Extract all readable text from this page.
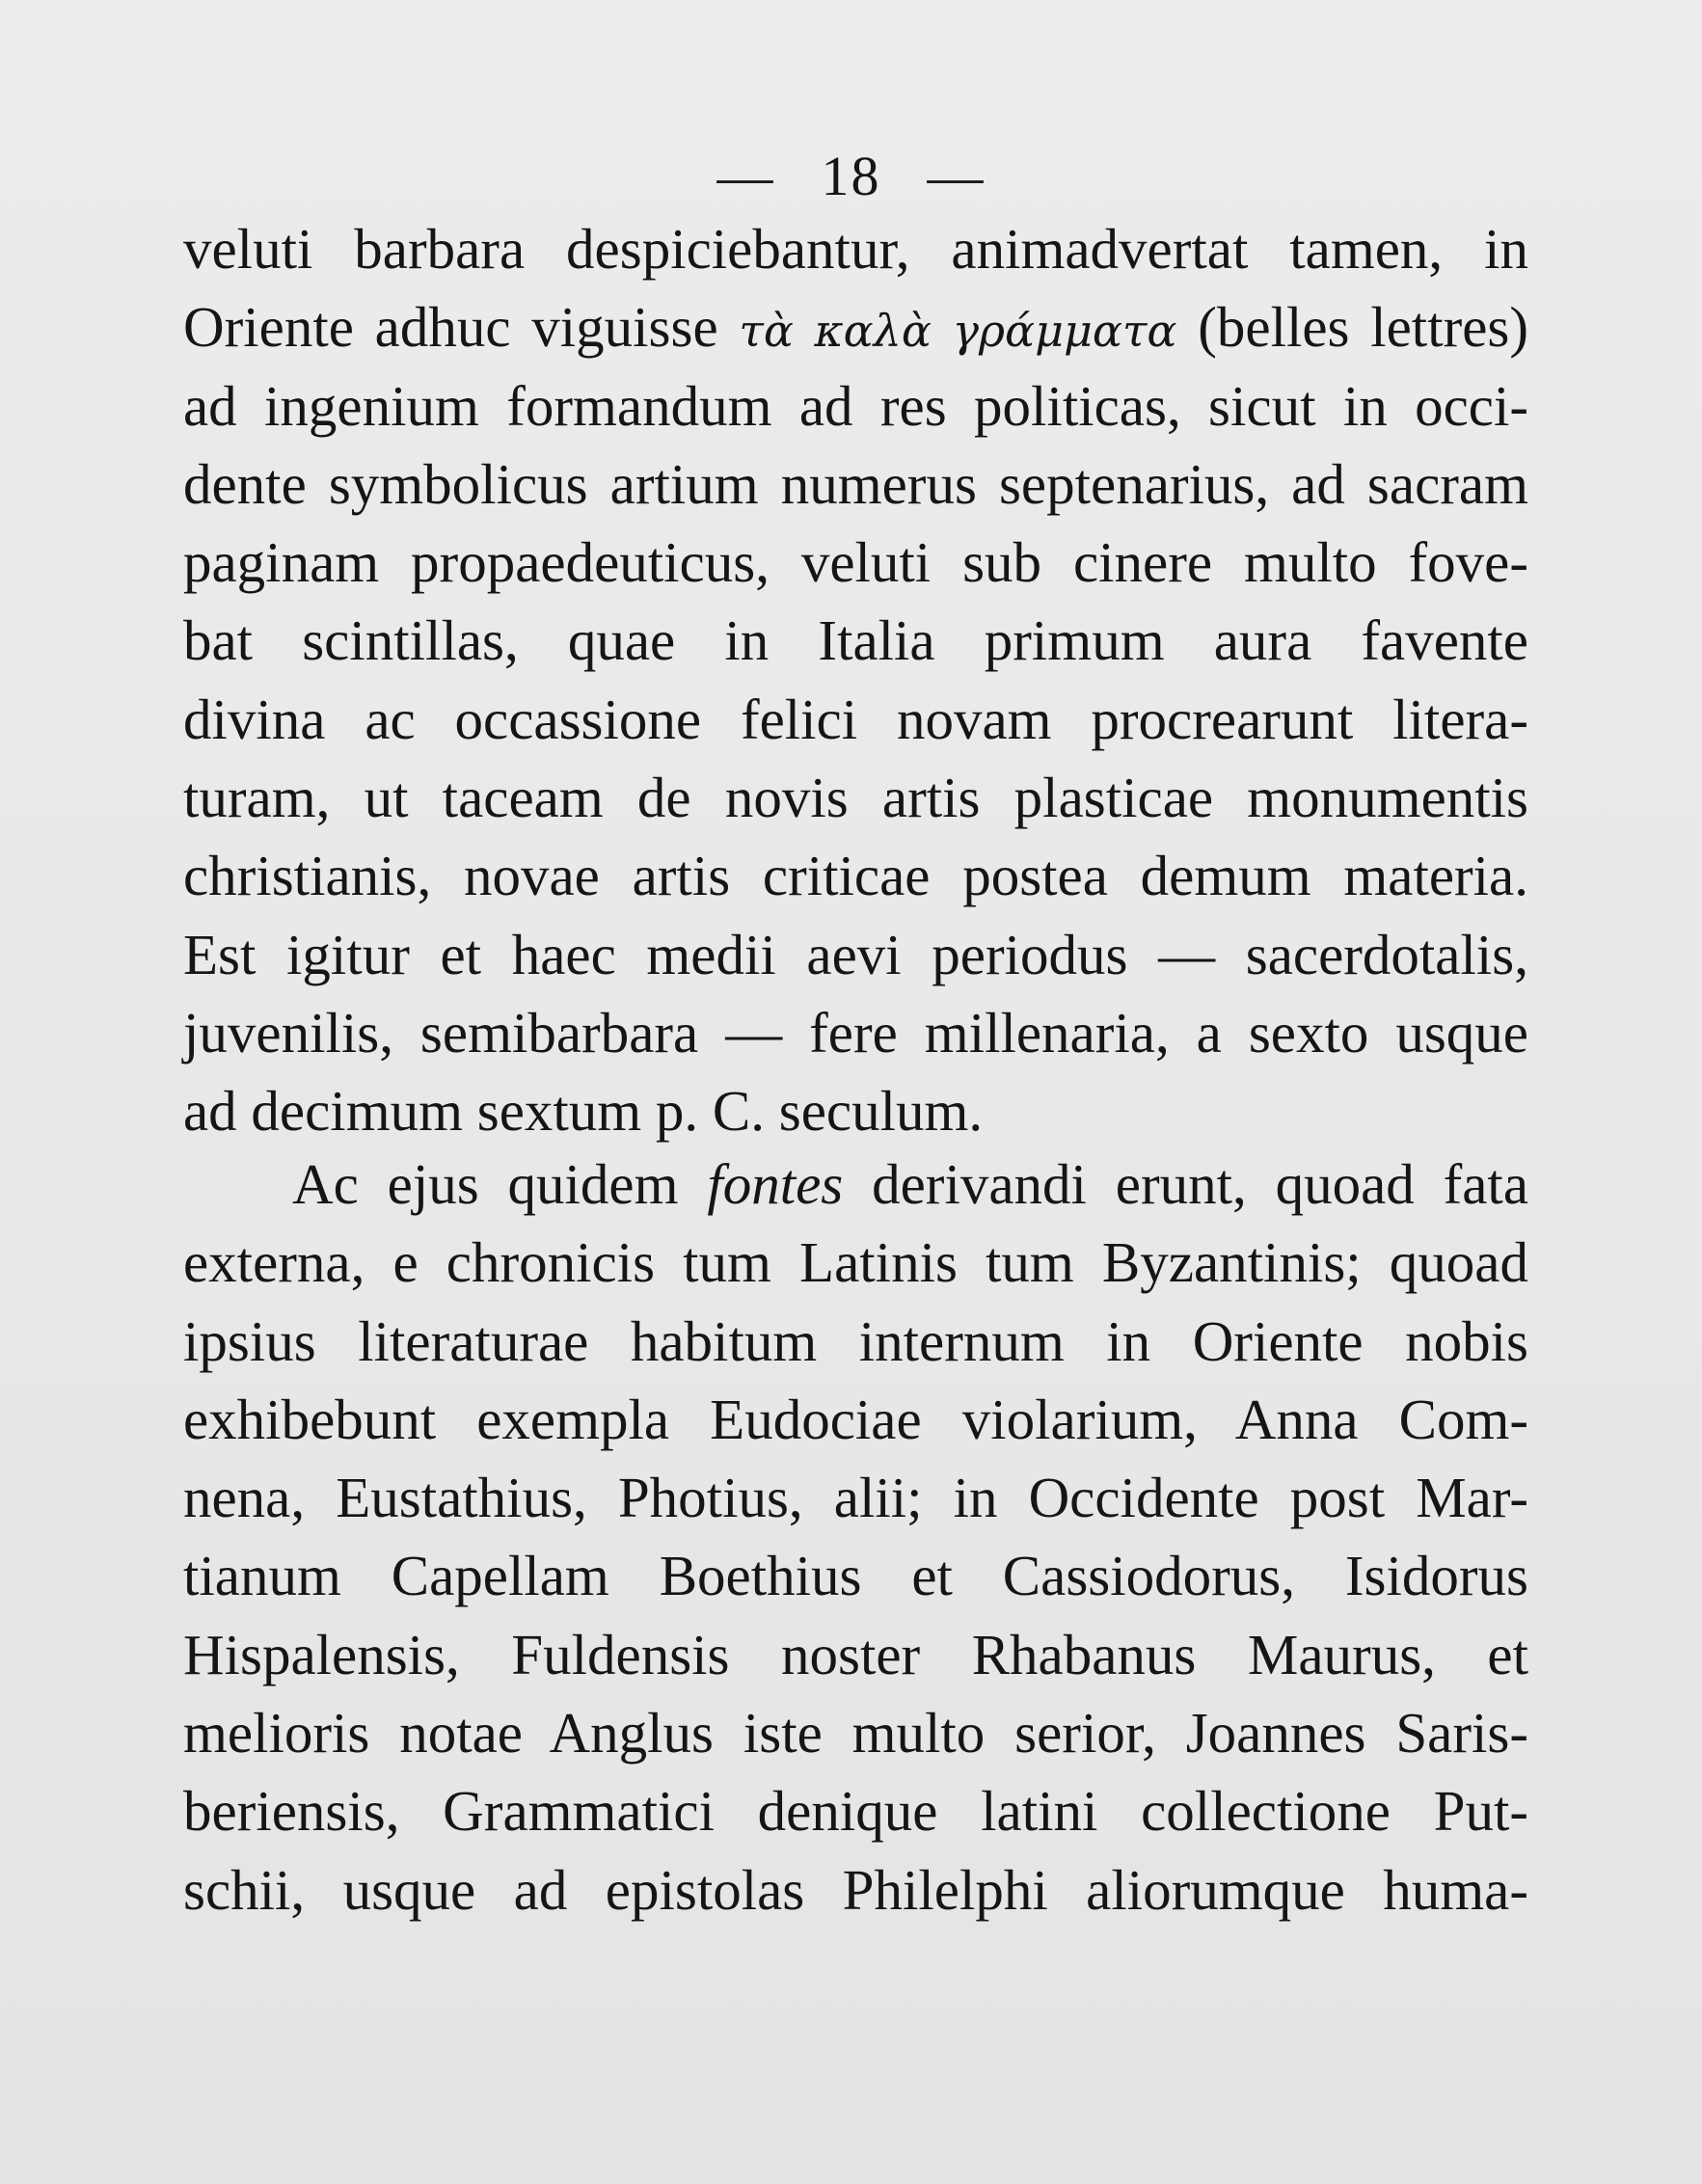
— 18 —
veluti barbara despiciebantur, animadvertat tamen, in
Oriente adhuc viguisse τὰ καλὰ γράμματα (belles lettres)
ad ingenium formandum ad res politicas, sicut in occi-
dente symbolicus artium numerus septenarius, ad sacram
paginam propaedeuticus, veluti sub cinere multo fove-
bat scintillas, quae in Italia primum aura favente
divina ac occassione felici novam procrearunt litera-
turam, ut taceam de novis artis plasticae monumentis
christianis, novae artis criticae postea demum materia.
Est igitur et haec medii aevi periodus — sacerdotalis,
juvenilis, semibarbara — fere millenaria, a sexto usque
ad decimum sextum p. C. seculum.
Ac ejus quidem fontes derivandi erunt, quoad fata
externa, e chronicis tum Latinis tum Byzantinis; quoad
ipsius literaturae habitum internum in Oriente nobis
exhibebunt exempla Eudociae violarium, Anna Com-
nena, Eustathius, Photius, alii; in Occidente post Mar-
tianum Capellam Boethius et Cassiodorus, Isidorus
Hispalensis, Fuldensis noster Rhabanus Maurus, et
melioris notae Anglus iste multo serior, Joannes Saris-
beriensis, Grammatici denique latini collectione Put-
schii, usque ad epistolas Philelphi aliorumque huma-
